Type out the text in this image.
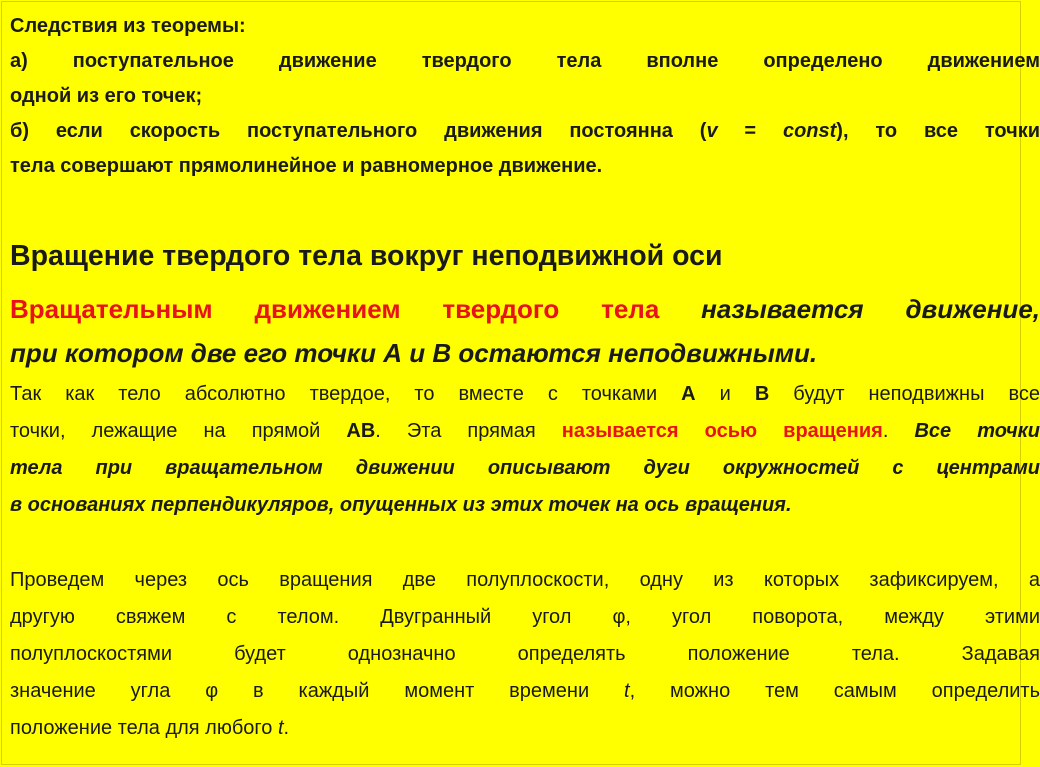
Следствия из теоремы:
а) поступательное движение твердого тела вполне определено движением
одной из его точек;
б) если скорость поступательного движения постоянна (v = const), то все точки
тела совершают прямолинейное и равномерное движение.
Вращение твердого тела вокруг неподвижной оси
Вращательным движением твердого тела называется движение,
при котором две его точки А и В остаются неподвижными.
Так как тело абсолютно твердое, то вместе с точками А и В будут неподвижны все
точки, лежащие на прямой АВ. Эта прямая называется осью вращения. Все точки
тела при вращательном движении описывают дуги окружностей с центрами
в основаниях перпендикуляров, опущенных из этих точек на ось вращения.
Проведем через ось вращения две полуплоскости, одну из которых зафиксируем, а
другую свяжем с телом. Двугранный угол φ, угол поворота, между этими
полуплоскостями будет однозначно определять положение тела. Задавая
значение угла φ в каждый момент времени t, можно тем самым определить
положение тела для любого t.
